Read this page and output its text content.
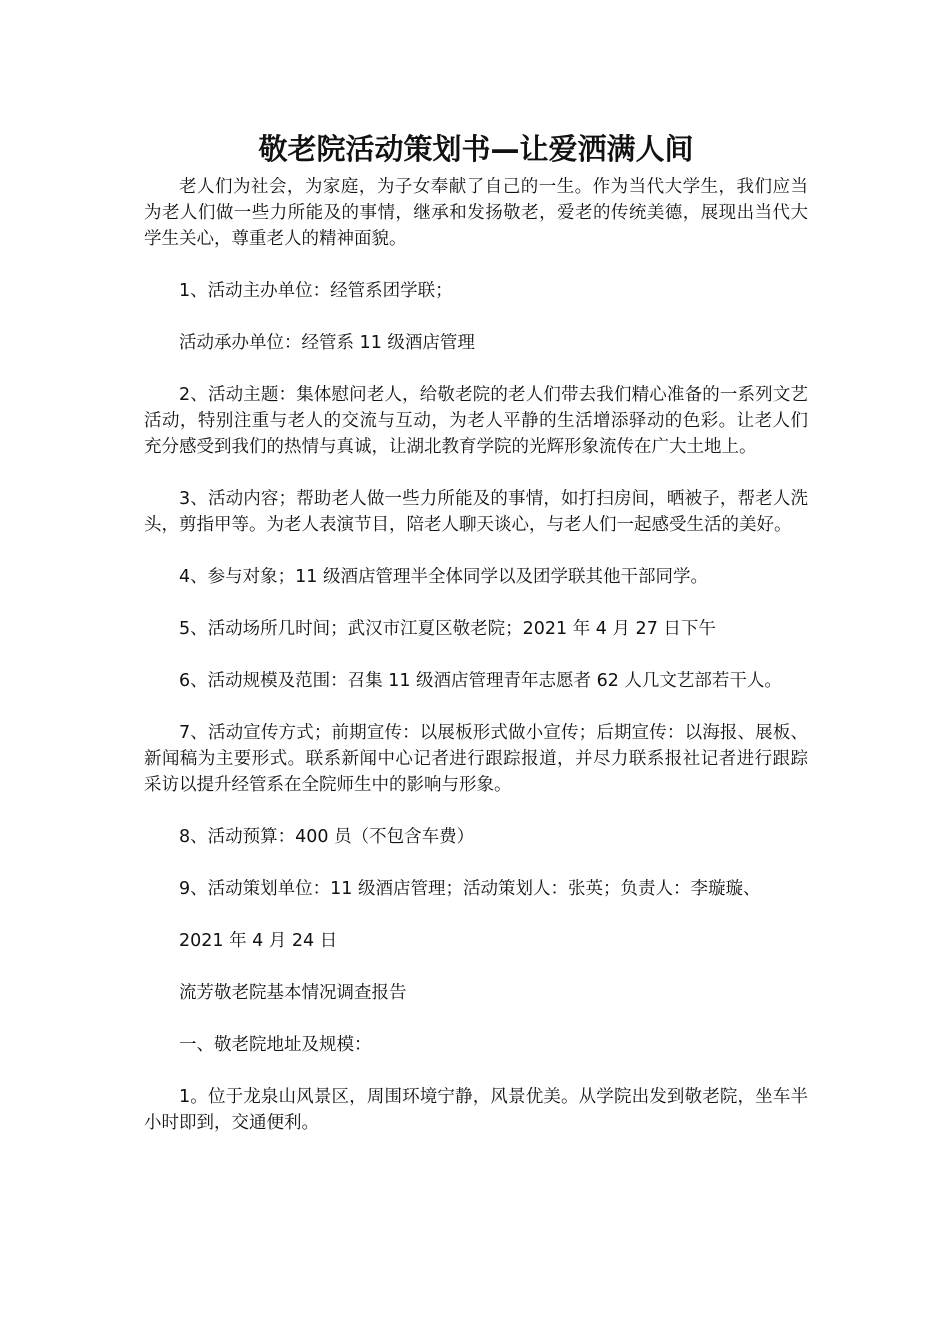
敬老院活动策划书—让爱洒满人间

老人们为社会，为家庭，为子女奉献了自己的一生。作为当代大学生，我们应当为老人们做一些力所能及的事情，继承和发扬敬老，爱老的传统美德，展现出当代大学生关心，尊重老人的精神面貌。

1、活动主办单位：经管系团学联；

活动承办单位：经管系 11 级酒店管理

2、活动主题：集体慰问老人，给敬老院的老人们带去我们精心准备的一系列文艺活动，特别注重与老人的交流与互动，为老人平静的生活增添驿动的色彩。让老人们充分感受到我们的热情与真诚，让湖北教育学院的光辉形象流传在广大土地上。

3、活动内容；帮助老人做一些力所能及的事情，如打扫房间，晒被子，帮老人洗头，剪指甲等。为老人表演节目，陪老人聊天谈心，与老人们一起感受生活的美好。

4、参与对象；11 级酒店管理半全体同学以及团学联其他干部同学。

5、活动场所几时间；武汉市江夏区敬老院；2021 年 4 月 27 日下午

6、活动规模及范围：召集 11 级酒店管理青年志愿者 62 人几文艺部若干人。

7、活动宣传方式；前期宣传：以展板形式做小宣传；后期宣传：以海报、展板、新闻稿为主要形式。联系新闻中心记者进行跟踪报道，并尽力联系报社记者进行跟踪采访以提升经管系在全院师生中的影响与形象。

8、活动预算：400 员（不包含车费）

9、活动策划单位：11 级酒店管理；活动策划人：张英；负责人：李璇璇、

2021 年 4 月 24 日

流芳敬老院基本情况调查报告

一、敬老院地址及规模：

1。位于龙泉山风景区，周围环境宁静，风景优美。从学院出发到敬老院，坐车半小时即到，交通便利。
